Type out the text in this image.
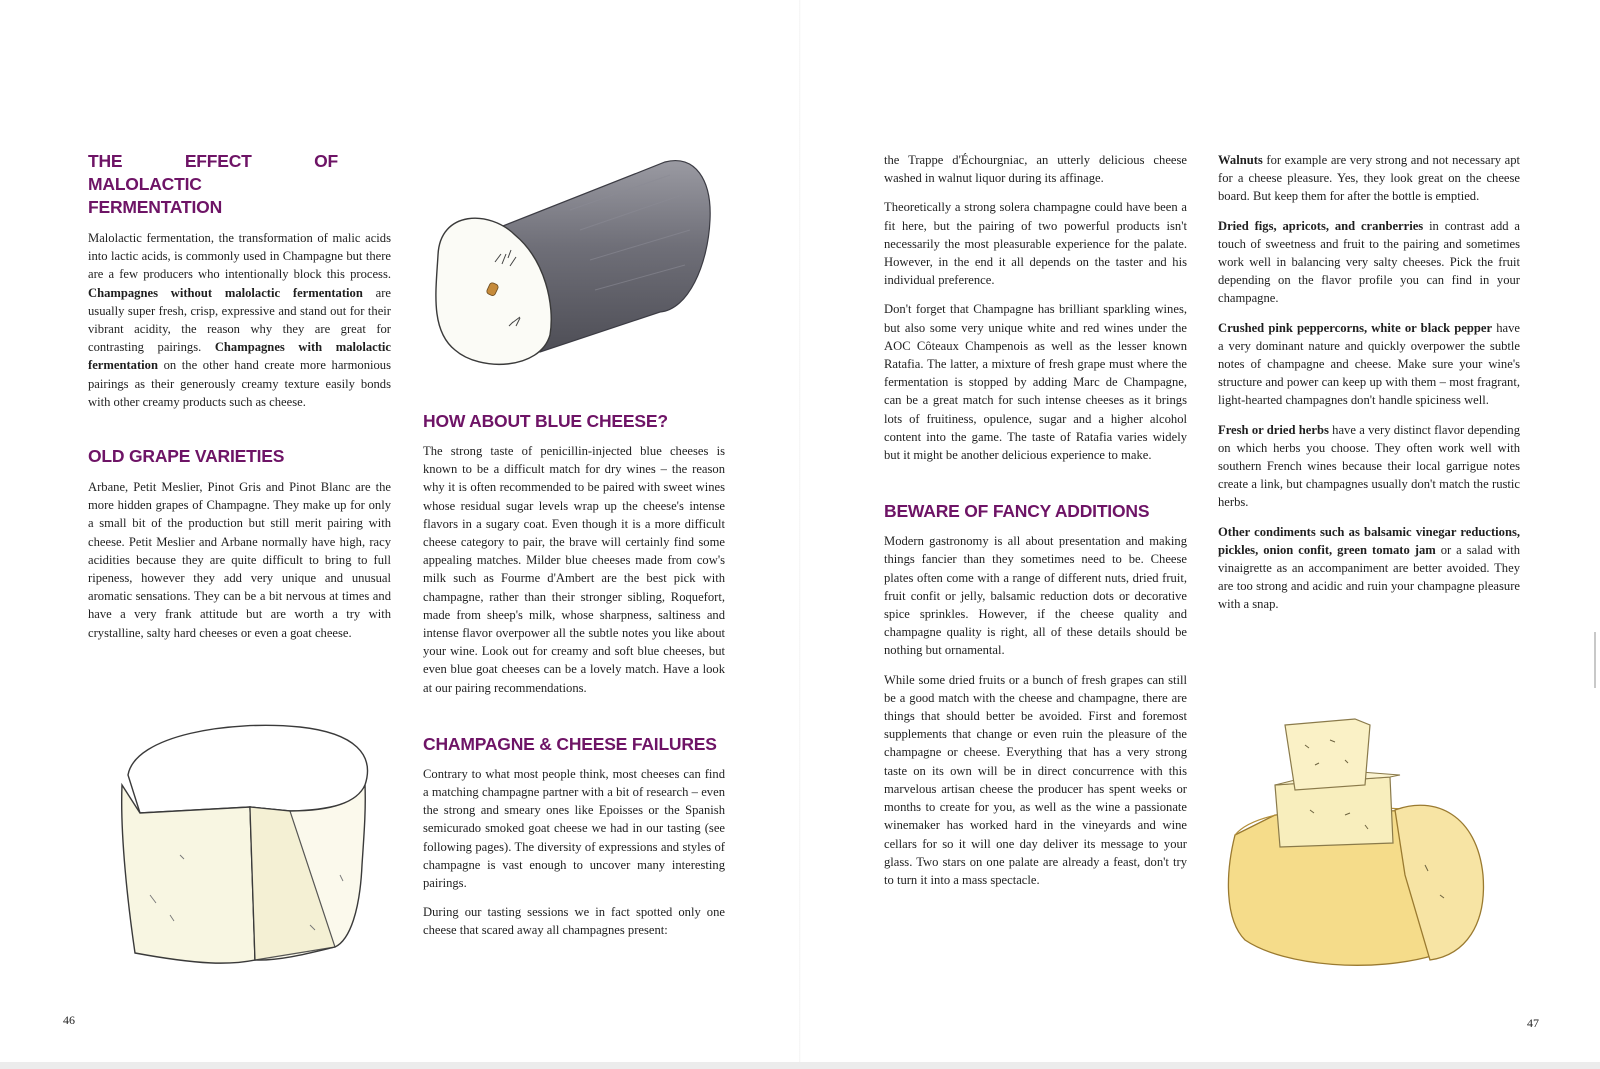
THE EFFECT OF MALOLACTIC FERMENTATION

Malolactic fermentation, the transformation of malic acids into lactic acids, is commonly used in Champagne but there are a few producers who intentionally block this process. Champagnes without malolactic fermentation are usually super fresh, crisp, expressive and stand out for their vibrant acidity, the reason why they are great for contrasting pairings. Champagnes with malolactic fermentation on the other hand create more harmonious pairings as their generously creamy texture easily bonds with other creamy products such as cheese.

OLD GRAPE VARIETIES

Arbane, Petit Meslier, Pinot Gris and Pinot Blanc are the more hidden grapes of Champagne. They make up for only a small bit of the production but still merit pairing with cheese. Petit Meslier and Arbane normally have high, racy acidities because they are quite difficult to bring to full ripeness, however they add very unique and unusual aromatic sensations. They can be a bit nervous at times and have a very frank attitude but are worth a try with crystalline, salty hard cheeses or even a goat cheese.

HOW ABOUT BLUE CHEESE?

The strong taste of penicillin-injected blue cheeses is known to be a difficult match for dry wines – the reason why it is often recommended to be paired with sweet wines whose residual sugar levels wrap up the cheese's intense flavors in a sugary coat. Even though it is a more difficult cheese category to pair, the brave will certainly find some appealing matches. Milder blue cheeses made from cow's milk such as Fourme d'Ambert are the best pick with champagne, rather than their stronger sibling, Roquefort, made from sheep's milk, whose sharpness, saltiness and intense flavor overpower all the subtle notes you like about your wine. Look out for creamy and soft blue cheeses, but even blue goat cheeses can be a lovely match. Have a look at our pairing recommendations.

CHAMPAGNE & CHEESE FAILURES

Contrary to what most people think, most cheeses can find a matching champagne partner with a bit of research – even the strong and smeary ones like Epoisses or the Spanish semicurado smoked goat cheese we had in our tasting (see following pages). The diversity of expressions and styles of champagne is vast enough to uncover many interesting pairings.

During our tasting sessions we in fact spotted only one cheese that scared away all champagnes present:

the Trappe d'Échourgniac, an utterly delicious cheese washed in walnut liquor during its affinage.

Theoretically a strong solera champagne could have been a fit here, but the pairing of two powerful products isn't necessarily the most pleasurable experience for the palate. However, in the end it all depends on the taster and his individual preference.

Don't forget that Champagne has brilliant sparkling wines, but also some very unique white and red wines under the AOC Côteaux Champenois as well as the lesser known Ratafia. The latter, a mixture of fresh grape must where the fermentation is stopped by adding Marc de Champagne, can be a great match for such intense cheeses as it brings lots of fruitiness, opulence, sugar and a higher alcohol content into the game. The taste of Ratafia varies widely but it might be another delicious experience to make.

BEWARE OF FANCY ADDITIONS

Modern gastronomy is all about presentation and making things fancier than they sometimes need to be. Cheese plates often come with a range of different nuts, dried fruit, fruit confit or jelly, balsamic reduction dots or decorative spice sprinkles. However, if the cheese quality and champagne quality is right, all of these details should be nothing but ornamental.

While some dried fruits or a bunch of fresh grapes can still be a good match with the cheese and champagne, there are things that should better be avoided. First and foremost supplements that change or even ruin the pleasure of the champagne or cheese. Everything that has a very strong taste on its own will be in direct concurrence with this marvelous artisan cheese the producer has spent weeks or months to create for you, as well as the wine a passionate winemaker has worked hard in the vineyards and wine cellars for so it will one day deliver its message to your glass. Two stars on one palate are already a feast, don't try to turn it into a mass spectacle.

Walnuts for example are very strong and not necessary apt for a cheese pleasure. Yes, they look great on the cheese board. But keep them for after the bottle is emptied.

Dried figs, apricots, and cranberries in contrast add a touch of sweetness and fruit to the pairing and sometimes work well in balancing very salty cheeses. Pick the fruit depending on the flavor profile you can find in your champagne.

Crushed pink peppercorns, white or black pepper have a very dominant nature and quickly overpower the subtle notes of champagne and cheese. Make sure your wine's structure and power can keep up with them – most fragrant, light-hearted champagnes don't handle spiciness well.

Fresh or dried herbs have a very distinct flavor depending on which herbs you choose. They often work well with southern French wines because their local garrigue notes create a link, but champagnes usually don't match the rustic herbs.

Other condiments such as balsamic vinegar reductions, pickles, onion confit, green tomato jam or a salad with vinaigrette as an accompaniment are better avoided. They are too strong and acidic and ruin your champagne pleasure with a snap.

46	47
